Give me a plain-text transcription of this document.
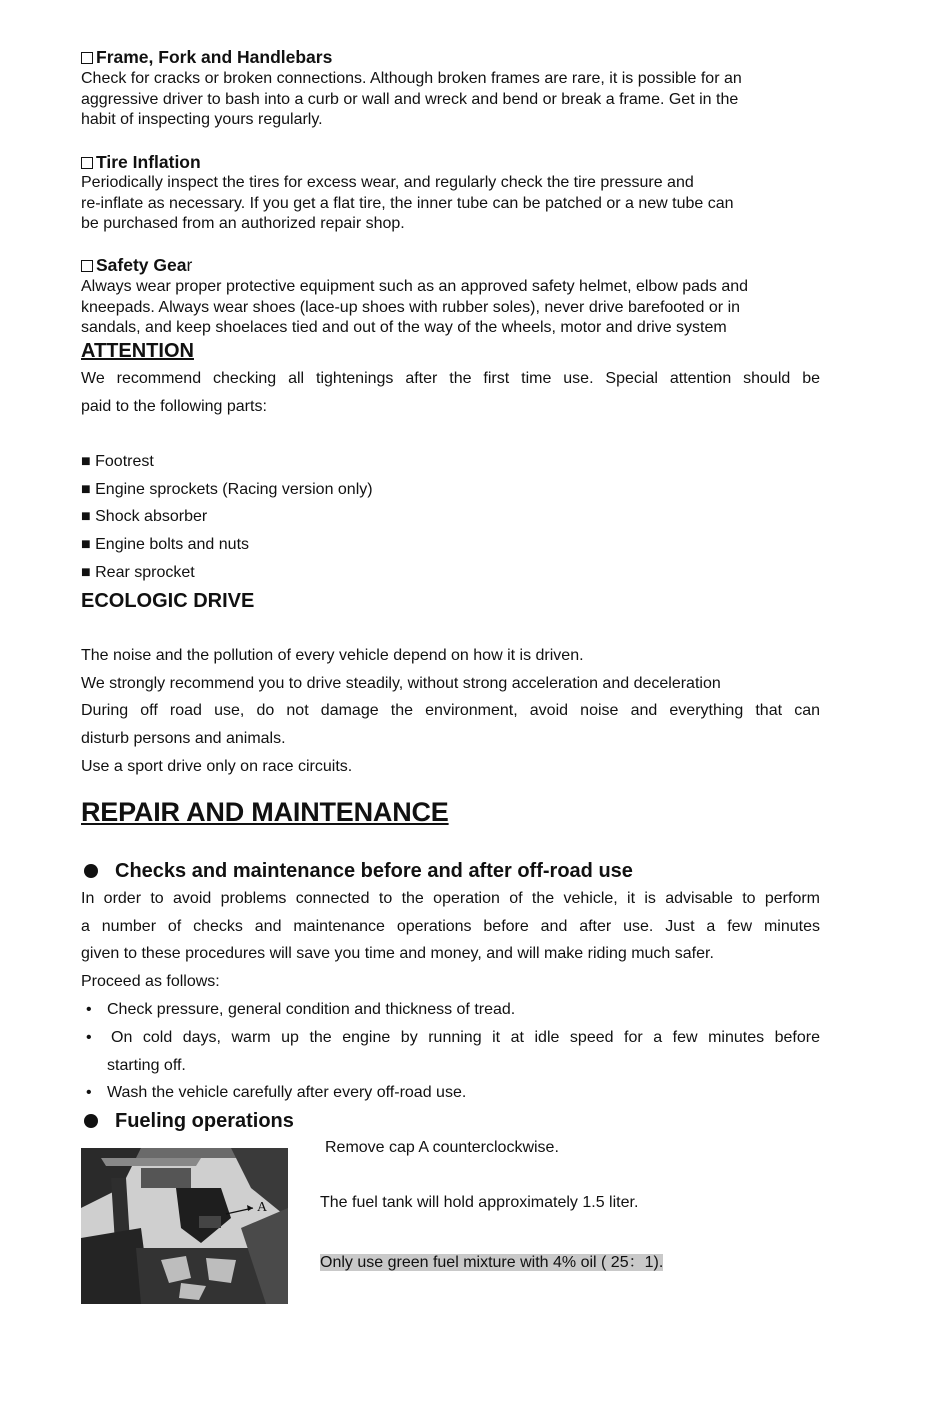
Frame, Fork and Handlebars
Check for cracks or broken connections. Although broken frames are rare, it is possible for an
aggressive driver to bash into a curb or wall and wreck and bend or break a frame. Get in the
habit of inspecting yours regularly.
Tire Inflation
Periodically inspect the tires for excess wear, and regularly check the tire pressure and
re-inflate as necessary. If you get a flat tire, the inner tube can be patched or a new tube can
be purchased from an authorized repair shop.
Safety Gear
Always wear proper protective equipment such as an approved safety helmet, elbow pads and
kneepads. Always wear shoes (lace-up shoes with rubber soles), never drive barefooted or in
sandals, and keep shoelaces tied and out of the way of the wheels, motor and drive system
ATTENTION
We recommend checking all tightenings after the first time use. Special attention should be
paid to the following parts:
■ Footrest
■ Engine sprockets (Racing version only)
■ Shock absorber
■ Engine bolts and nuts
■ Rear sprocket
ECOLOGIC DRIVE
The noise and the pollution of every vehicle depend on how it is driven.
We strongly recommend you to drive steadily, without strong acceleration and deceleration
During off road use, do not damage the environment, avoid noise and everything that can
disturb persons and animals.
Use a sport drive only on race circuits.
REPAIR AND MAINTENANCE
Checks and maintenance before and after off-road use
In order to avoid problems connected to the operation of the vehicle, it is advisable to perform
a number of checks and maintenance operations before and after use. Just a few minutes
given to these procedures will save you time and money, and will make riding much safer.
Proceed as follows:
• Check pressure, general condition and thickness of tread.
• On cold days, warm up the engine by running it at idle speed for a few minutes before
starting off.
• Wash the vehicle carefully after every off-road use.
Fueling operations
A
Remove cap A counterclockwise.
The fuel tank will hold approximately 1.5 liter.
Only use green fuel mixture with 4% oil ( 25：1).
